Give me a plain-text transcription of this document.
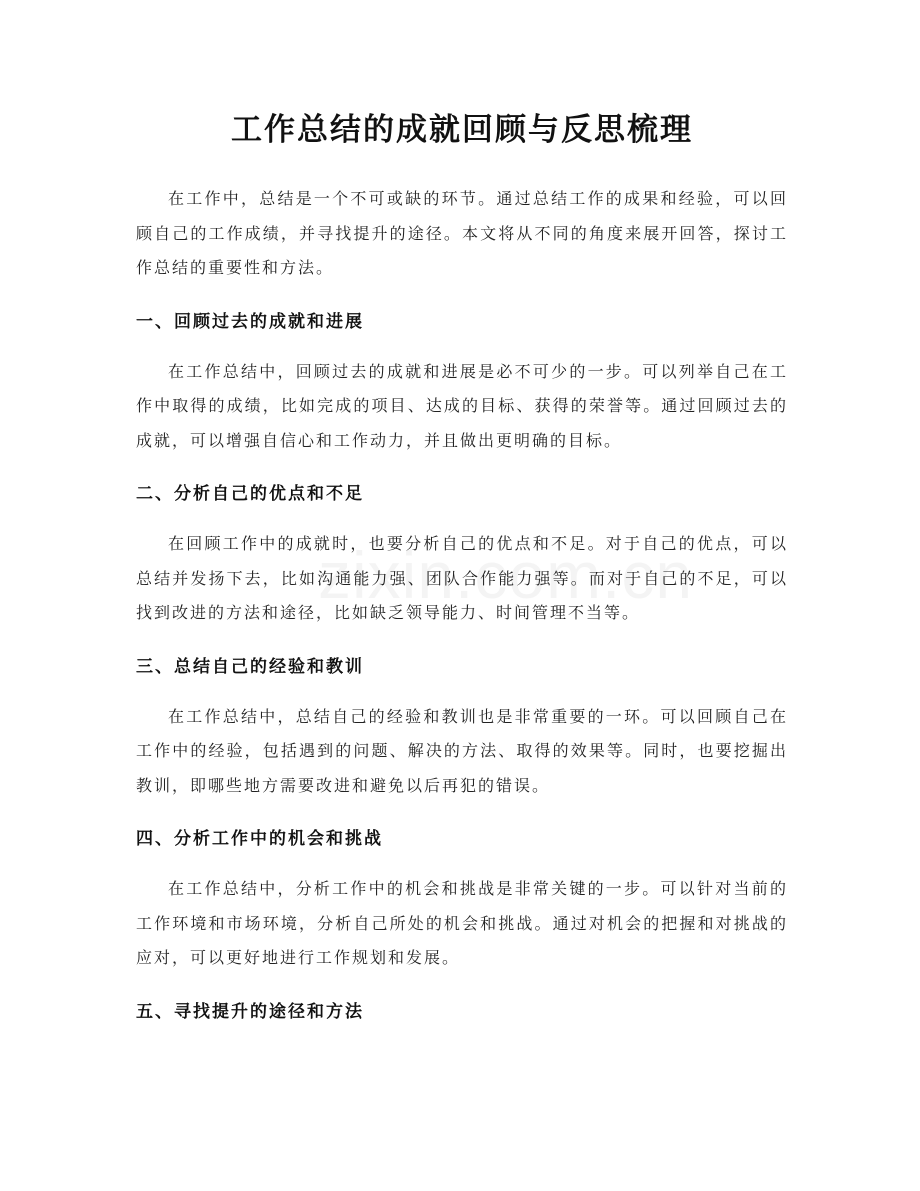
工作总结的成就回顾与反思梳理

在工作中，总结是一个不可或缺的环节。通过总结工作的成果和经验，可以回顾自己的工作成绩，并寻找提升的途径。本文将从不同的角度来展开回答，探讨工作总结的重要性和方法。

一、回顾过去的成就和进展

在工作总结中，回顾过去的成就和进展是必不可少的一步。可以列举自己在工作中取得的成绩，比如完成的项目、达成的目标、获得的荣誉等。通过回顾过去的成就，可以增强自信心和工作动力，并且做出更明确的目标。

二、分析自己的优点和不足

在回顾工作中的成就时，也要分析自己的优点和不足。对于自己的优点，可以总结并发扬下去，比如沟通能力强、团队合作能力强等。而对于自己的不足，可以找到改进的方法和途径，比如缺乏领导能力、时间管理不当等。

三、总结自己的经验和教训

在工作总结中，总结自己的经验和教训也是非常重要的一环。可以回顾自己在工作中的经验，包括遇到的问题、解决的方法、取得的效果等。同时，也要挖掘出教训，即哪些地方需要改进和避免以后再犯的错误。

四、分析工作中的机会和挑战

在工作总结中，分析工作中的机会和挑战是非常关键的一步。可以针对当前的工作环境和市场环境，分析自己所处的机会和挑战。通过对机会的把握和对挑战的应对，可以更好地进行工作规划和发展。

五、寻找提升的途径和方法
